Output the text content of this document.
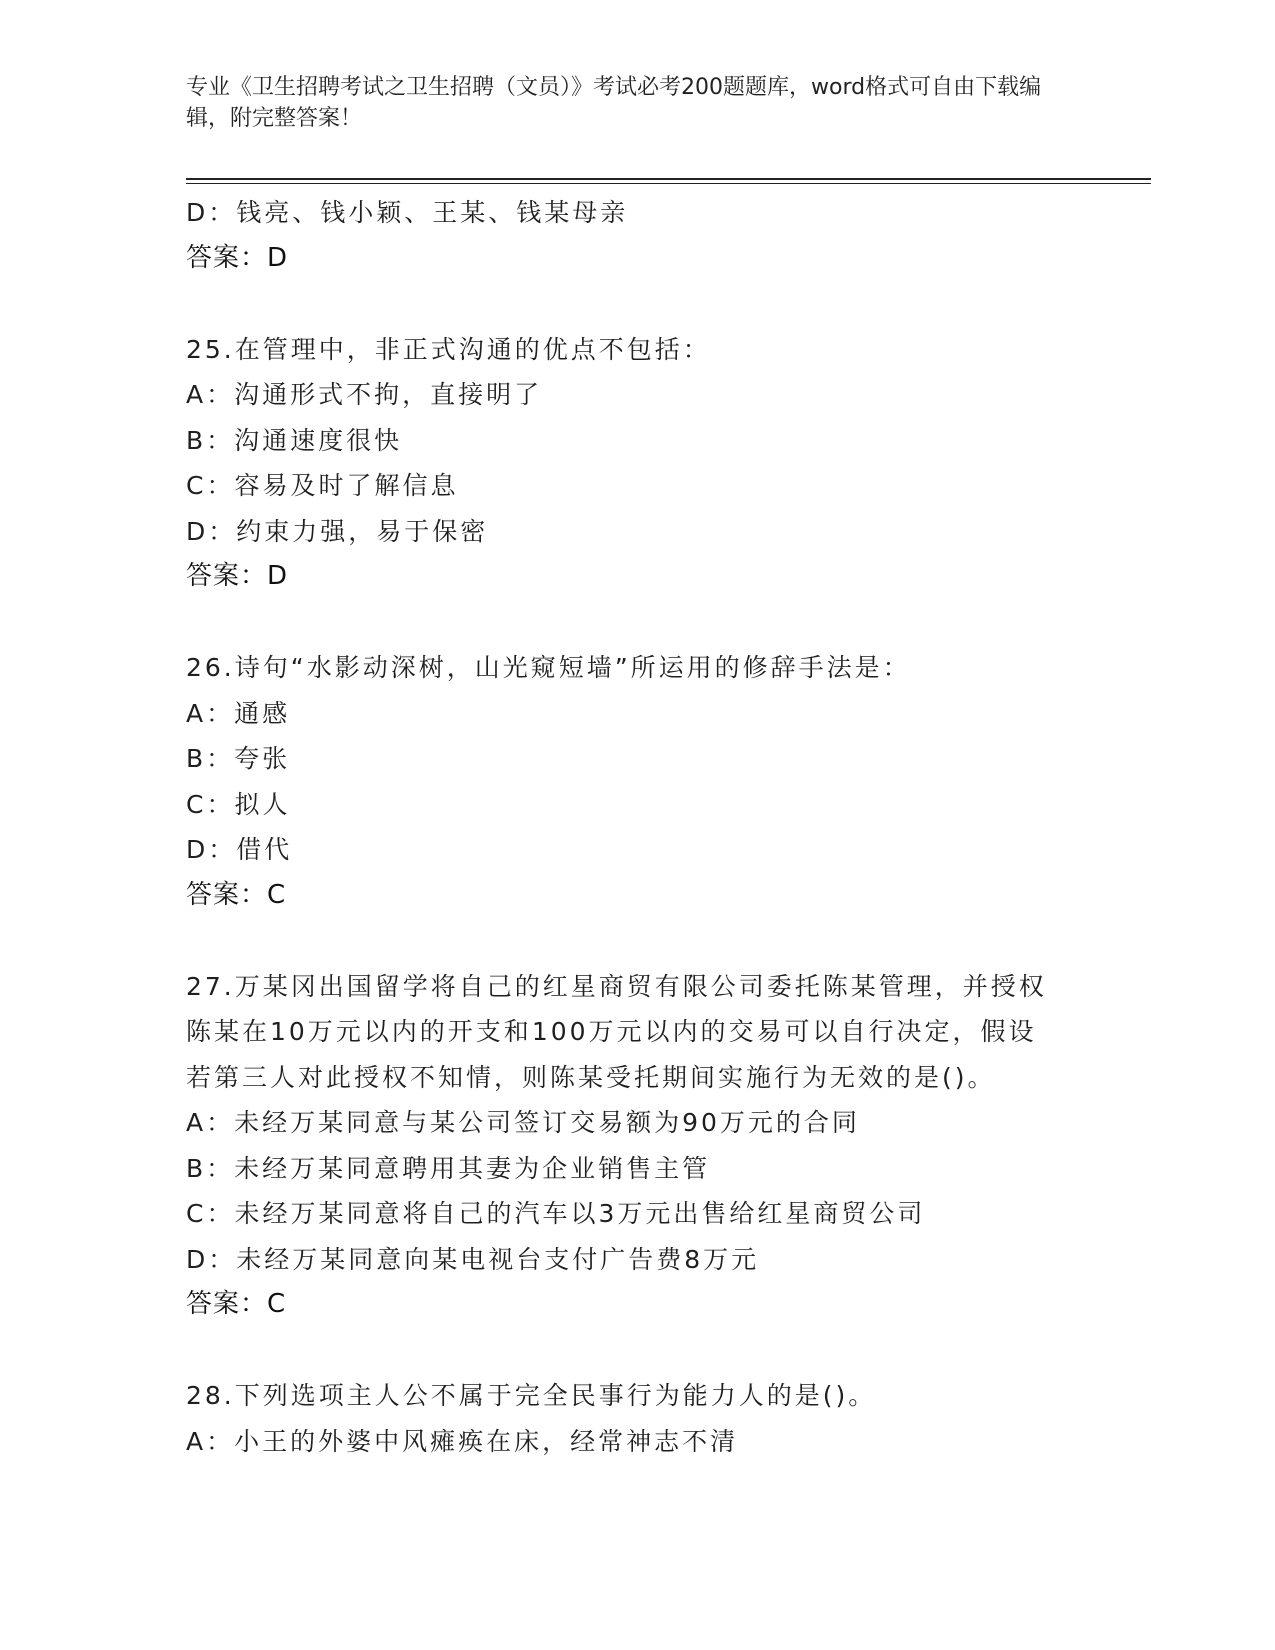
专业《卫生招聘考试之卫生招聘（文员）》考试必考200题题库，word格式可自由下载编辑，附完整答案！
D：钱亮、钱小颖、王某、钱某母亲
答案：D
25.在管理中，非正式沟通的优点不包括：
A：沟通形式不拘，直接明了
B：沟通速度很快
C：容易及时了解信息
D：约束力强，易于保密
答案：D
26.诗句“水影动深树，山光窥短墙”所运用的修辞手法是：
A：通感
B：夸张
C：拟人
D：借代
答案：C
27.万某冈出国留学将自己的红星商贸有限公司委托陈某管理，并授权
陈某在10万元以内的开支和100万元以内的交易可以自行决定，假设
若第三人对此授权不知情，则陈某受托期间实施行为无效的是()。
A：未经万某同意与某公司签订交易额为90万元的合同
B：未经万某同意聘用其妻为企业销售主管
C：未经万某同意将自己的汽车以3万元出售给红星商贸公司
D：未经万某同意向某电视台支付广告费8万元
答案：C
28.下列选项主人公不属于完全民事行为能力人的是()。
A：小王的外婆中风瘫痪在床，经常神志不清
